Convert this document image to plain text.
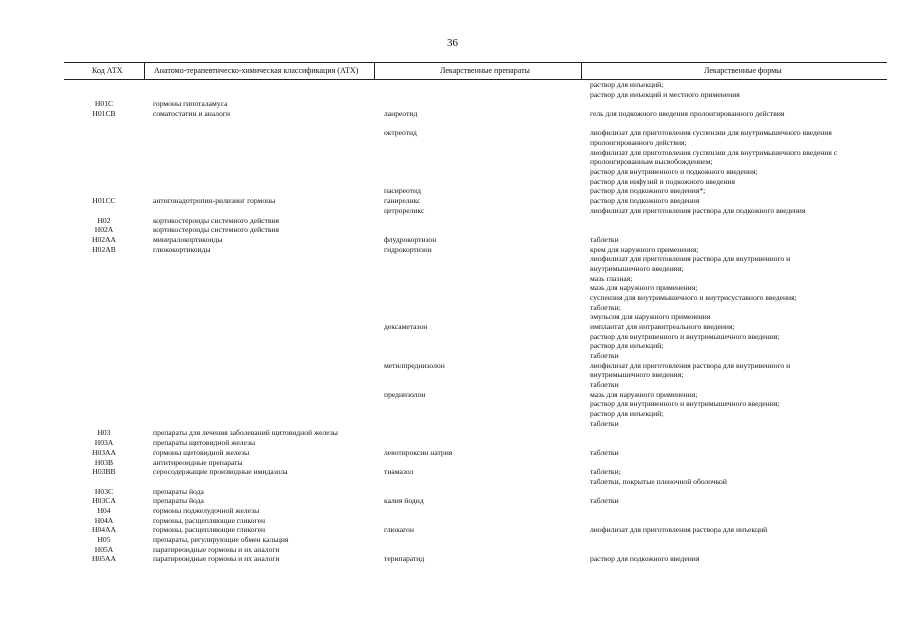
36
Код АТХ	Анатомо-терапевтическо-химическая классификация (АТХ)	Лекарственные препараты	Лекарственные формы
раствор для инъекций;
раствор для инъекций и местного применения
H01C	гормоны гипоталамуса
H01CB	соматостатин и аналоги	ланреотид	гель для подкожного введения пролонгированного действия
октреотид	лиофилизат для приготовления суспензии для внутримышечного введения
пролонгированного действия;
лиофилизат для приготовления суспензии для внутримышечного введения с
пролонгированным высвобождением;
раствор для внутривенного и подкожного введения;
раствор для инфузий и подкожного введения
пасиреотид	раствор для подкожного введения*;
H01CC	антигонадотропин-рилизинг гормоны	ганиреликс	раствор для подкожного введения
цетрореликс	лиофилизат для приготовления раствора для подкожного введения
H02	кортикостероиды системного действия
H02A	кортикостероиды системного действия
H02AA	минералокортикоиды	флудрокортизон	таблетки
H02AB	глюкокортикоиды	гидрокортизон	крем для наружного применения;
лиофилизат для приготовления раствора для внутривенного и
внутримышечного введения;
мазь глазная;
мазь для наружного применения;
суспензия для внутримышечного и внутрисуставного введения;
таблетки;
эмульсия для наружного применения
дексаметазон	имплантат для интравитреального введения;
раствор для внутривенного и внутримышечного введения;
раствор для инъекций;
таблетки
метилпреднизолон	лиофилизат для приготовления раствора для внутривенного и
внутримышечного введения;
таблетки
преднизолон	мазь для наружного применения;
раствор для внутривенного и внутримышечного введения;
раствор для инъекций;
таблетки
H03	препараты для лечения заболеваний щитовидной железы
H03A	препараты щитовидной железы
H03AA	гормоны щитовидной железы	левотироксин натрия	таблетки
H03B	антитиреоидные препараты
H03BB	серосодержащие производные имидазола	тиамазол	таблетки;
таблетки, покрытые пленочной оболочкой
H03C	препараты йода
H03CA	препараты йода	калия йодид	таблетки
H04	гормоны поджелудочной железы
H04A	гормоны, расщепляющие гликоген
H04AA	гормоны, расщепляющие гликоген	глюкагон	лиофилизат для приготовления раствора для инъекций
H05	препараты, регулирующие обмен кальция
H05A	паратиреоидные гормоны и их аналоги
H05AA	паратиреоидные гормоны и их аналоги	терипаратид	раствор для подкожного введения
